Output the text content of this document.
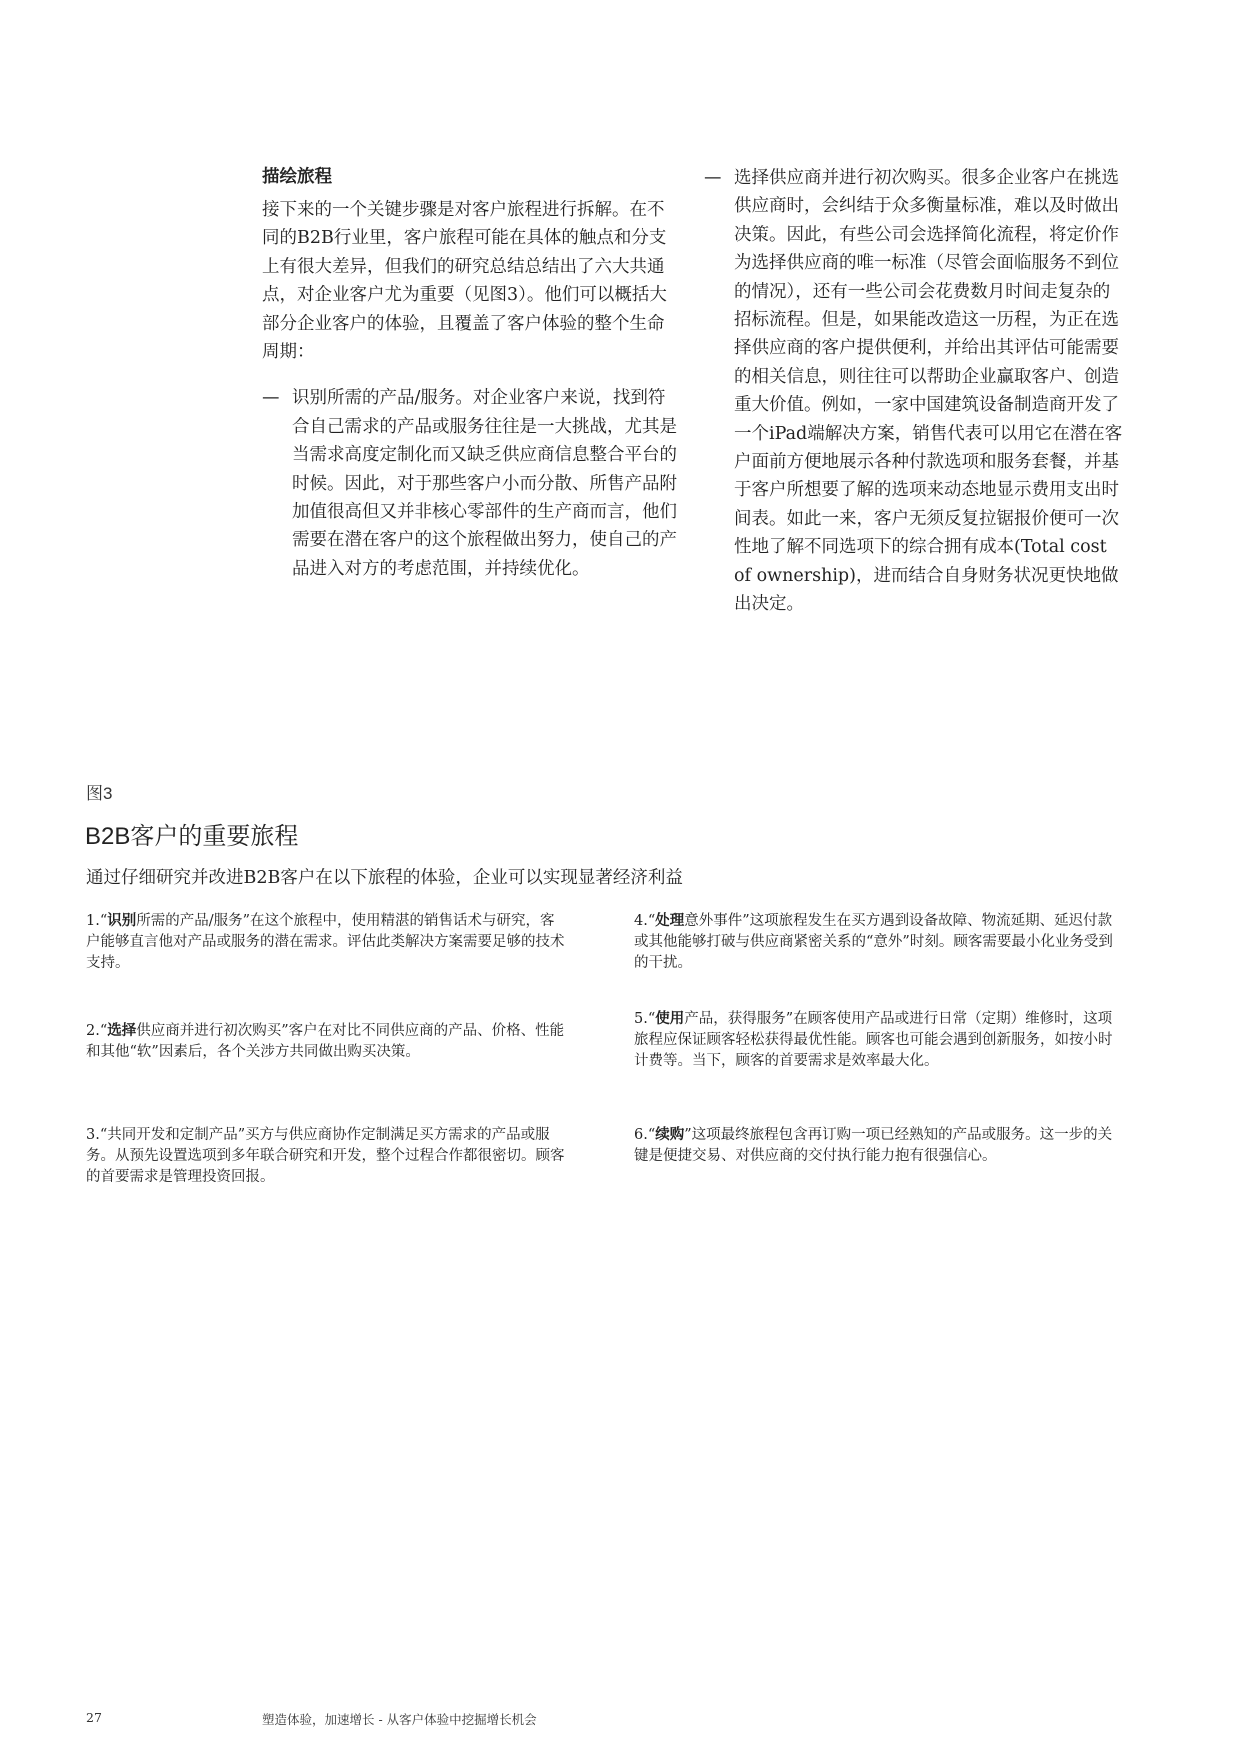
描绘旅程

接下来的一个关键步骤是对客户旅程进行拆解。在不同的B2B行业里，客户旅程可能在具体的触点和分支上有很大差异，但我们的研究总结总结出了六大共通点，对企业客户尤为重要（见图3）。他们可以概括大部分企业客户的体验，且覆盖了客户体验的整个生命周期：

— 识别所需的产品/服务。对企业客户来说，找到符合自己需求的产品或服务往往是一大挑战，尤其是当需求高度定制化而又缺乏供应商信息整合平台的时候。因此，对于那些客户小而分散、所售产品附加值很高但又并非核心零部件的生产商而言，他们需要在潜在客户的这个旅程做出努力，使自己的产品进入对方的考虑范围，并持续优化。
— 选择供应商并进行初次购买。很多企业客户在挑选供应商时，会纠结于众多衡量标准，难以及时做出决策。因此，有些公司会选择简化流程，将定价作为选择供应商的唯一标准（尽管会面临服务不到位的情况），还有一些公司会花费数月时间走复杂的招标流程。但是，如果能改造这一历程，为正在选择供应商的客户提供便利，并给出其评估可能需要的相关信息，则往往可以帮助企业赢取客户、创造重大价值。例如，一家中国建筑设备制造商开发了一个iPad端解决方案，销售代表可以用它在潜在客户面前方便地展示各种付款选项和服务套餐，并基于客户所想要了解的选项来动态地显示费用支出时间表。如此一来，客户无须反复拉锯报价便可一次性地了解不同选项下的综合拥有成本(Total cost of ownership)，进而结合自身财务状况更快地做出决定。
图3
B2B客户的重要旅程
通过仔细研究并改进B2B客户在以下旅程的体验，企业可以实现显著经济利益
1.“识别所需的产品/服务”在这个旅程中，使用精湛的销售话术与研究，客户能够直言他对产品或服务的潜在需求。评估此类解决方案需要足够的技术支持。
2.“选择供应商并进行初次购买”客户在对比不同供应商的产品、价格、性能和其他“软”因素后，各个关涉方共同做出购买决策。
3.“共同开发和定制产品”买方与供应商协作定制满足买方需求的产品或服务。从预先设置选项到多年联合研究和开发，整个过程合作都很密切。顾客的首要需求是管理投资回报。
4.“处理意外事件”这项旅程发生在买方遇到设备故障、物流延期、延迟付款或其他能够打破与供应商紧密关系的“意外”时刻。顾客需要最小化业务受到的干扰。
5.“使用产品，获得服务”在顾客使用产品或进行日常（定期）维修时，这项旅程应保证顾客轻松获得最优性能。顾客也可能会遇到创新服务，如按小时计费等。当下，顾客的首要需求是效率最大化。
6.“续购”这项最终旅程包含再订购一项已经熟知的产品或服务。这一步的关键是便捷交易、对供应商的交付执行能力抱有很强信心。
27	塑造体验，加速增长 - 从客户体验中挖掘增长机会
